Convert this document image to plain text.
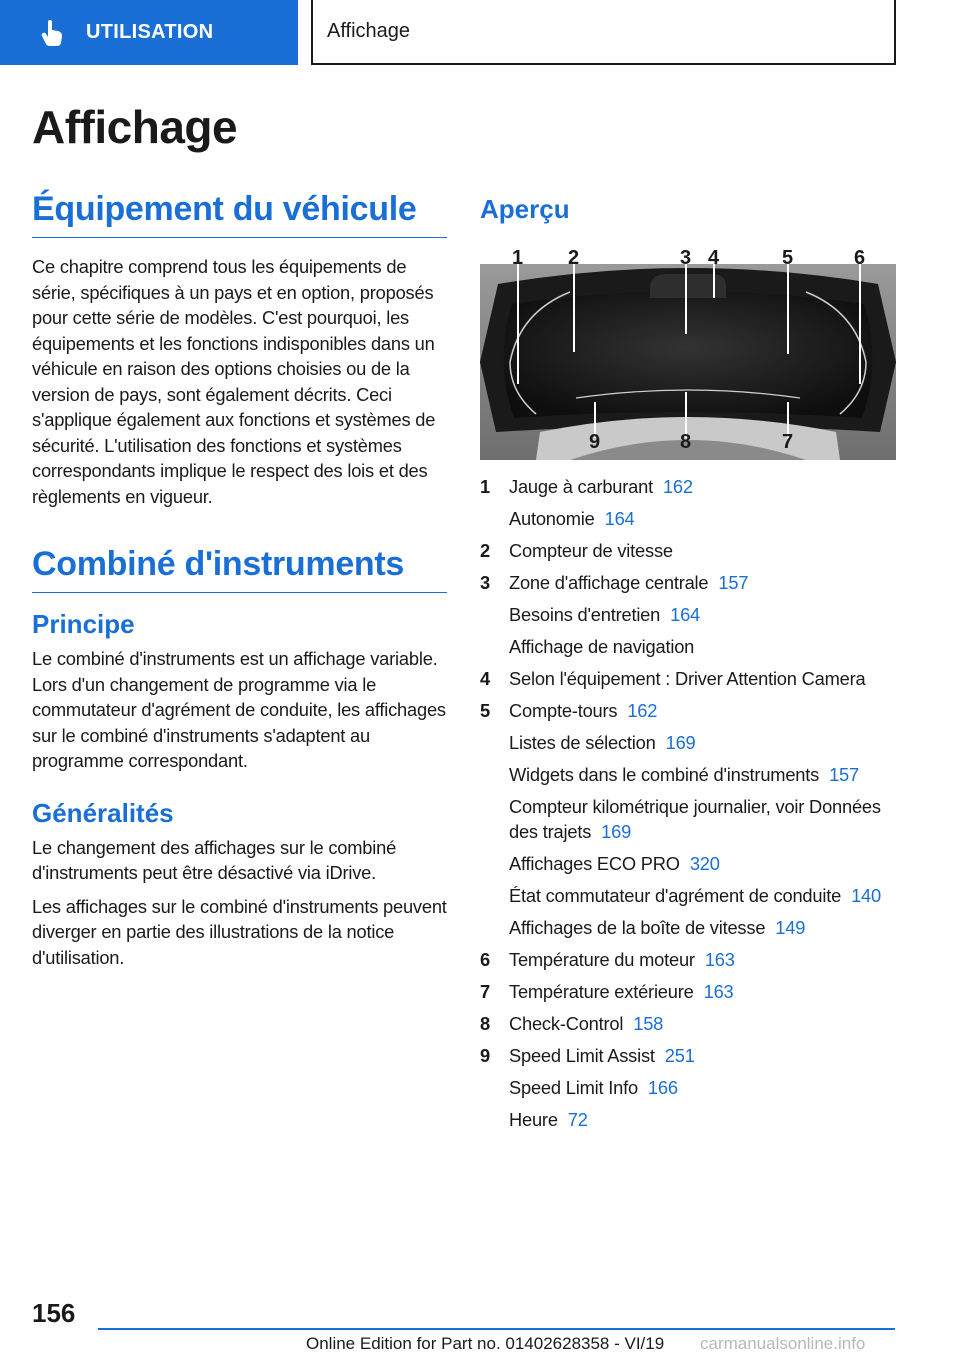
UTILISATION	Affichage
Affichage
Équipement du véhicule
Ce chapitre comprend tous les équipements de série, spécifiques à un pays et en option, proposés pour cette série de modèles. C'est pourquoi, les équipements et les fonctions indisponibles dans un véhicule en raison des options choisies ou de la version de pays, sont également décrits. Ceci s'applique également aux fonctions et systèmes de sécurité. L'utilisation des fonctions et systèmes correspondants implique le respect des lois et des règlements en vigueur.
Combiné d'instruments
Principe
Le combiné d'instruments est un affichage variable. Lors d'un changement de programme via le commutateur d'agrément de conduite, les affichages sur le combiné d'instruments s'adaptent au programme correspondant.
Généralités
Le changement des affichages sur le combiné d'instruments peut être désactivé via iDrive.
Les affichages sur le combiné d'instruments peuvent diverger en partie des illustrations de la notice d'utilisation.
Aperçu
1 2	3 4	5	6
7
8
9
1	Jauge à carburant 162
Autonomie 164
2	Compteur de vitesse
3	Zone d'affichage centrale 157
Besoins d'entretien 164
Affichage de navigation
4	Selon l'équipement : Driver Attention Camera
5	Compte-tours 162
Listes de sélection 169
Widgets dans le combiné d'instruments 157
Compteur kilométrique journalier, voir Données des trajets 169
Affichages ECO PRO 320
État commutateur d'agrément de conduite 140
Affichages de la boîte de vitesse 149
6	Température du moteur 163
7	Température extérieure 163
8	Check-Control 158
9	Speed Limit Assist 251
Speed Limit Info 166
Heure 72
156
Online Edition for Part no. 01402628358 - VI/19 carmanualsonline.info
